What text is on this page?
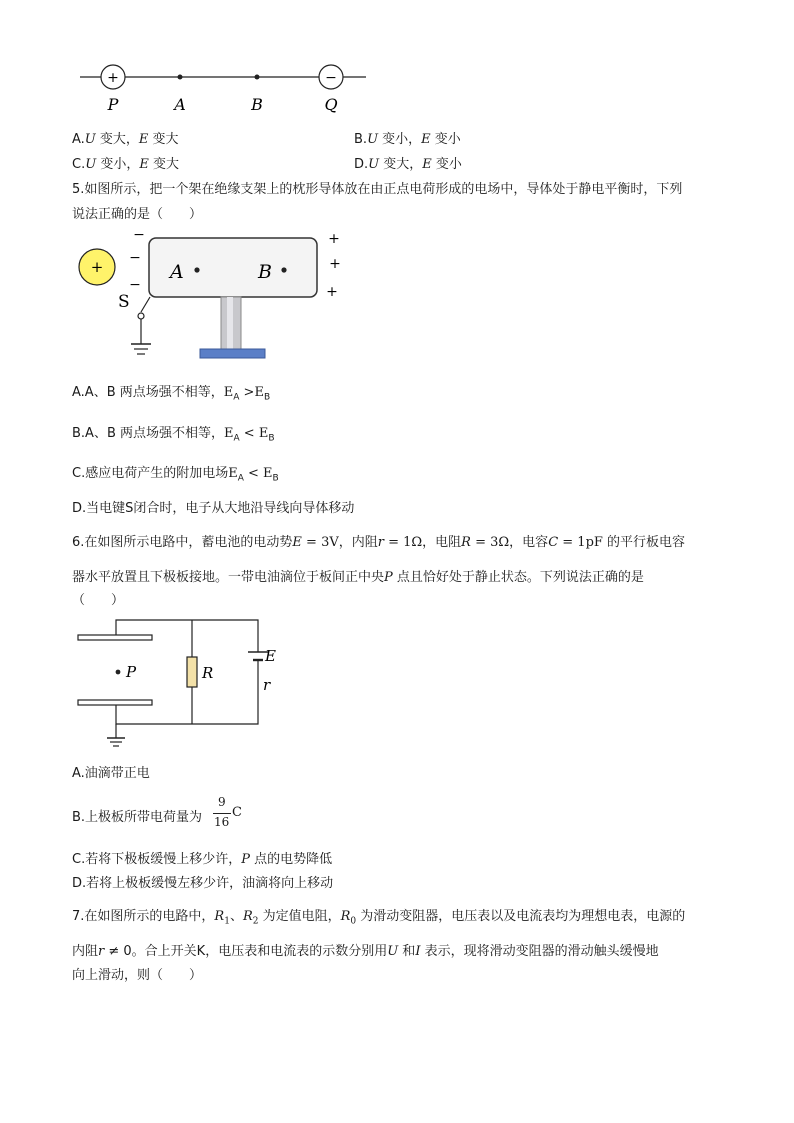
+	−
P	A	B	Q
A.U 变大，E 变大	B.U 变小，E 变小
C.U 变小，E 变大	D.U 变大，E 变小
5.如图所示，把一个架在绝缘支架上的枕形导体放在由正点电荷形成的电场中，导体处于静电平衡时，下列
说法正确的是（　　）
+
−
−
−
A	B
+
+
+
S
A.A、B 两点场强不相等，$E_A >E_B$
B.A、B 两点场强不相等，$E_A < E_B$
C.感应电荷产生的附加电场$E_A < E_B$
D.当电键S闭合时，电子从大地沿导线向导体移动
6.在如图所示电路中，蓄电池的电动势E = 3V，内阻r = 1Ω，电阻R = 3Ω，电容C = 1pF 的平行板电容
器水平放置且下极板接地。一带电油滴位于板间正中央P 点且恰好处于静止状态。下列说法正确的是
（　　）
R
E
r
P
A.油滴带正电
B.上极板所带电荷量为
9
16
C
C.若将下极板缓慢上移少许，P 点的电势降低
D.若将上极板缓慢左移少许，油滴将向上移动
7.在如图所示的电路中，$R_1$、$R_2$ 为定值电阻，$R_0$ 为滑动变阻器，电压表以及电流表均为理想电表，电源的
内阻r ≠ 0。合上开关K，电压表和电流表的示数分别用U 和I 表示，现将滑动变阻器的滑动触头缓慢地
向上滑动，则（　　）
